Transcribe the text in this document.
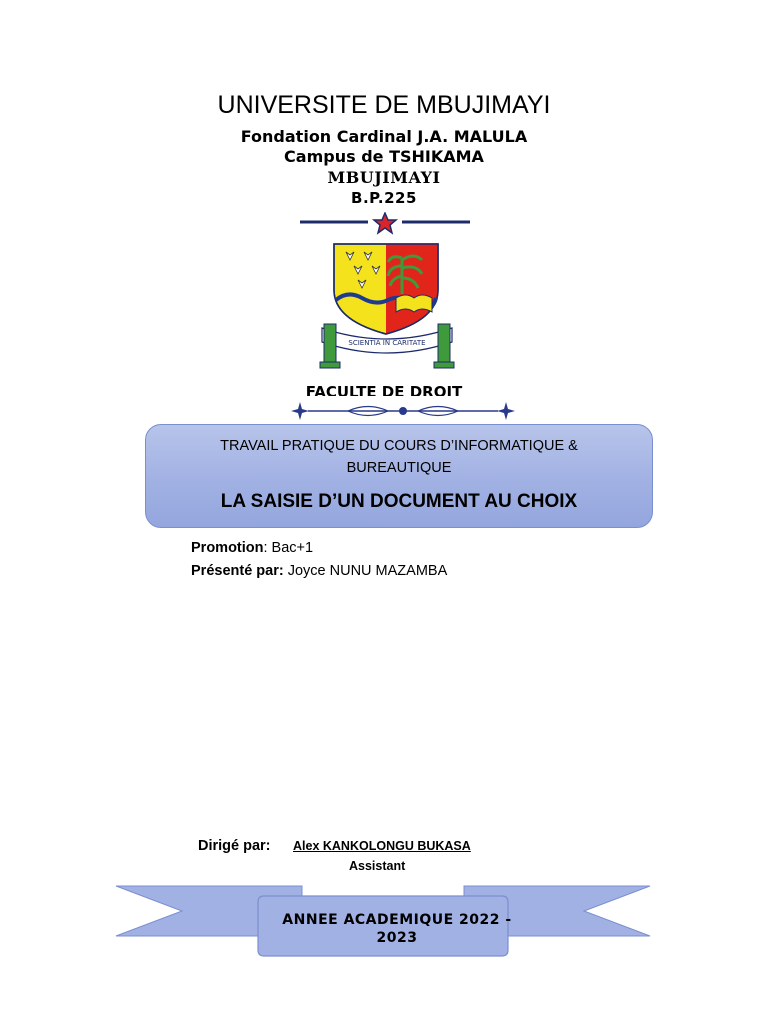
UNIVERSITE DE MBUJIMAYI
Fondation Cardinal J.A. MALULA
Campus de TSHIKAMA
MBUJIMAYI
B.P.225
SCIENTIA IN CARITATE
FACULTE DE DROIT
TRAVAIL PRATIQUE DU COURS D’INFORMATIQUE & BUREAUTIQUE
LA SAISIE D’UN DOCUMENT AU CHOIX
Promotion: Bac+1
Présenté par: Joyce NUNU MAZAMBA
Dirigé par: Alex KANKOLONGU BUKASA
Assistant
ANNEE ACADEMIQUE 2022 - 2023
